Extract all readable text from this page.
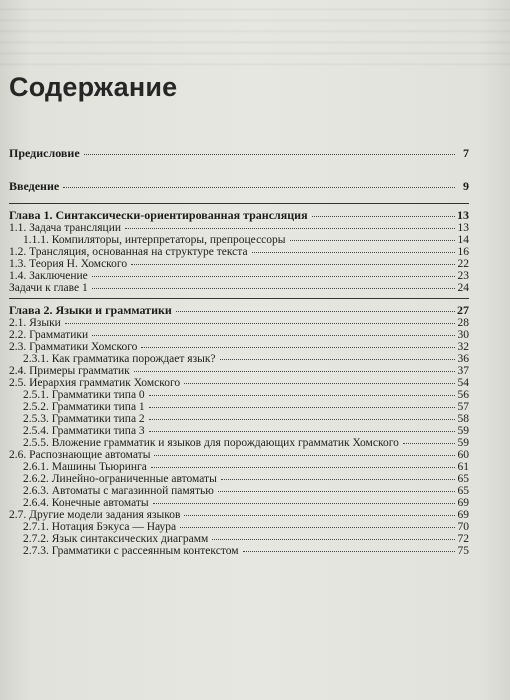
Содержание
Предисловие	7
Введение	9
Глава 1. Синтаксически-ориентированная трансляция	13
1.1. Задача трансляции	13
1.1.1. Компиляторы, интерпретаторы, препроцессоры	14
1.2. Трансляция, основанная на структуре текста	16
1.3. Теория Н. Хомского	22
1.4. Заключение	23
Задачи к главе 1	24
Глава 2. Языки и грамматики	27
2.1. Языки	28
2.2. Грамматики	30
2.3. Грамматики Хомского	32
2.3.1. Как грамматика порождает язык?	36
2.4. Примеры грамматик	37
2.5. Иерархия грамматик Хомского	54
2.5.1. Грамматики типа 0	56
2.5.2. Грамматики типа 1	57
2.5.3. Грамматики типа 2	58
2.5.4. Грамматики типа 3	59
2.5.5. Вложение грамматик и языков для порождающих грамматик Хомского	59
2.6. Распознающие автоматы	60
2.6.1. Машины Тьюринга	61
2.6.2. Линейно-ограниченные автоматы	65
2.6.3. Автоматы с магазинной памятью	65
2.6.4. Конечные автоматы	69
2.7. Другие модели задания языков	69
2.7.1. Нотация Бэкуса — Наура	70
2.7.2. Язык синтаксических диаграмм	72
2.7.3. Грамматики с рассеянным контекстом	75
